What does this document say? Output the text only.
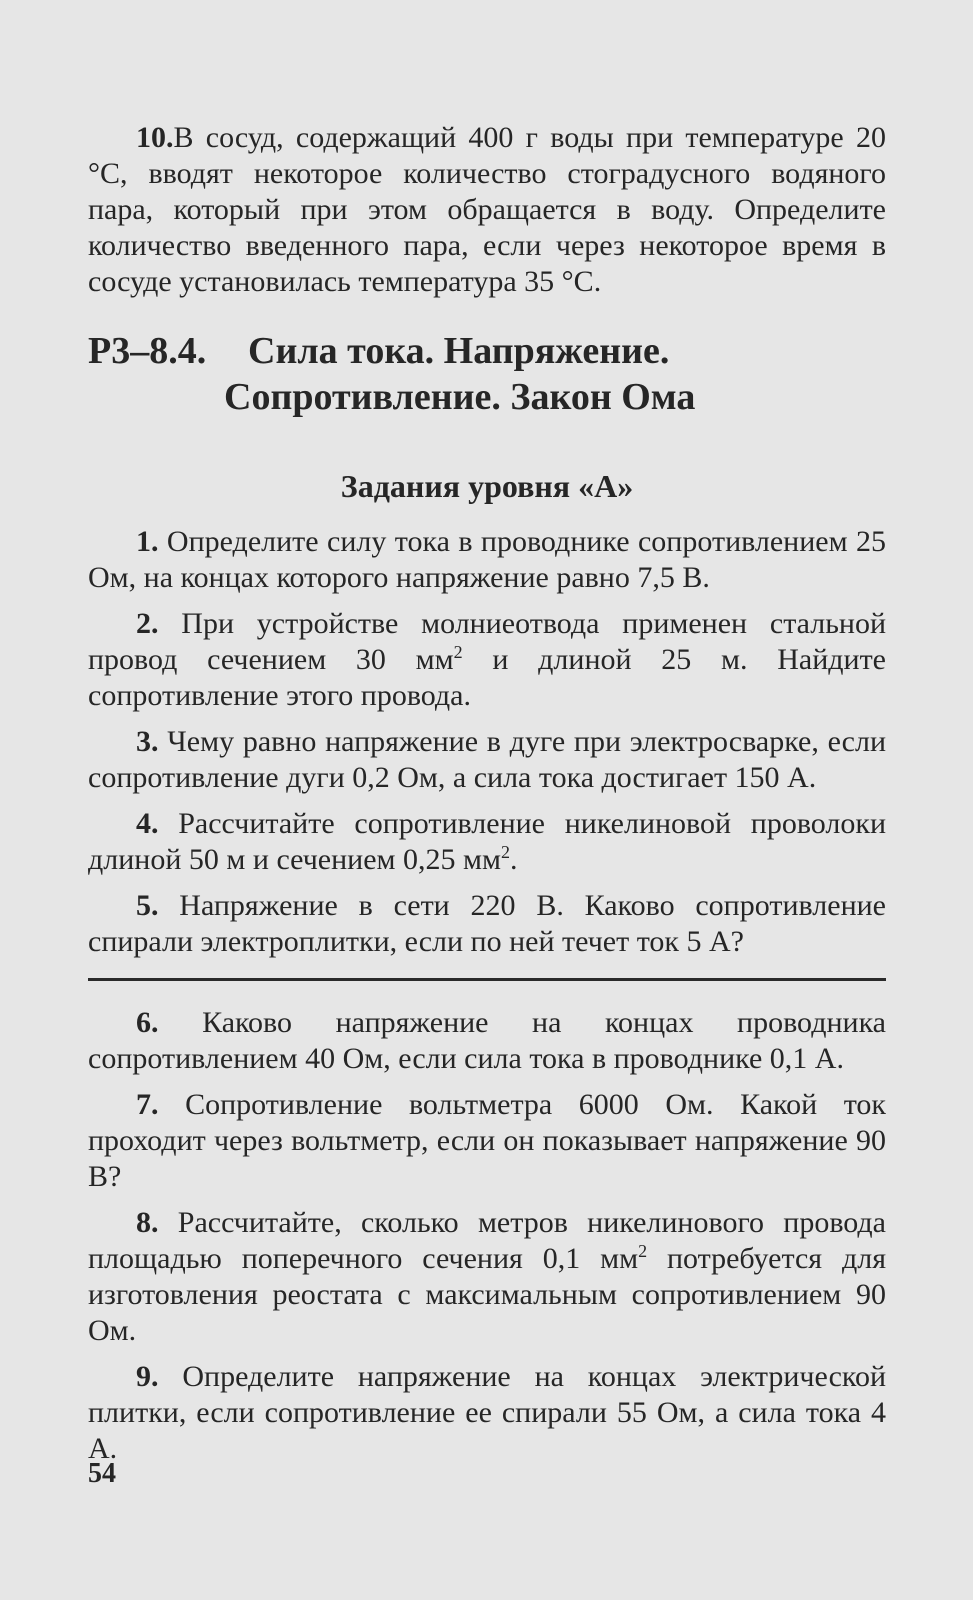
10.В сосуд, содержащий 400 г воды при температуре 20 °С, вводят некоторое количество стоградусного водяного пара, который при этом обращается в воду. Определите количество введенного пара, если через некоторое время в сосуде установилась температура 35 °С.

Р3–8.4.	Сила тока. Напряжение.
Сопротивление. Закон Ома
Задания уровня «А»

1. Определите силу тока в проводнике сопротивлением 25 Ом, на концах которого напряжение равно 7,5 В.

2. При устройстве молниеотвода применен стальной провод сечением 30 $мм^2$ и длиной 25 м. Найдите сопротивление этого провода.

3. Чему равно напряжение в дуге при электросварке, если сопротивление дуги 0,2 Ом, а сила тока достигает 150 А.

4. Рассчитайте сопротивление никелиновой проволоки длиной 50 м и сечением 0,25 $мм^2$.

5. Напряжение в сети 220 В. Каково сопротивление спирали электроплитки, если по ней течет ток 5 А?

6. Каково напряжение на концах проводника сопротивлением 40 Ом, если сила тока в проводнике 0,1 А.

7. Сопротивление вольтметра 6000 Ом. Какой ток проходит через вольтметр, если он показывает напряжение 90 В?

8. Рассчитайте, сколько метров никелинового провода площадью поперечного сечения 0,1 $мм^2$ потребуется для изготовления реостата с максимальным сопротивлением 90 Ом.

9. Определите напряжение на концах электрической плитки, если сопротивление ее спирали 55 Ом, а сила тока 4 А.

54
